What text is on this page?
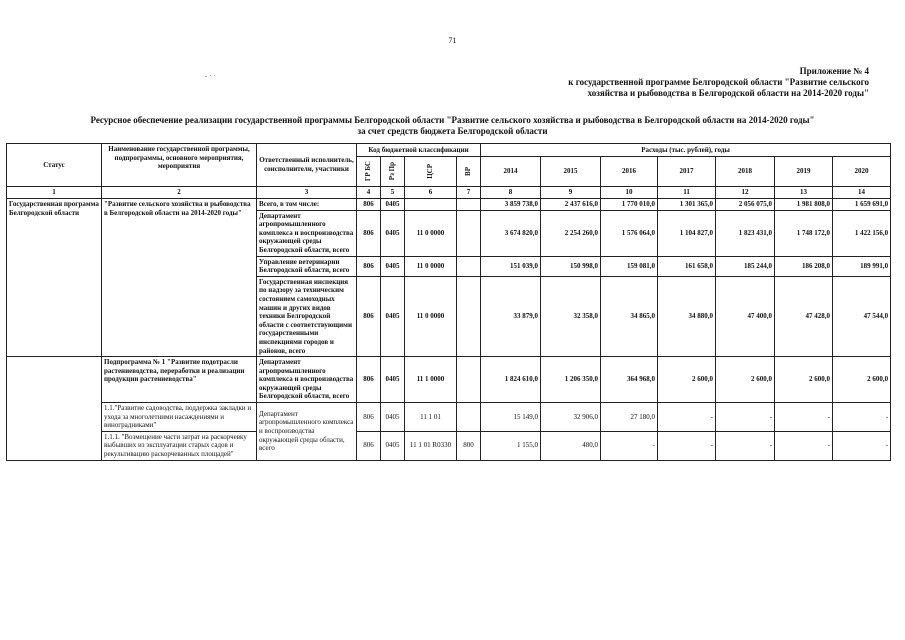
71
- · ·	Приложение № 4
к государственной программе Белгородской области "Развитие сельского
хозяйства и рыбоводства в Белгородской области на 2014-2020 годы"
Ресурсное обеспечение реализации государственной программы Белгородской области "Развитие сельского хозяйства и рыбоводства в Белгородской области на 2014-2020 годы"
за счет средств бюджета Белгородской области
Статус	Наименование государственной программы, подпрограммы, основного мероприятия, мероприятия	Ответственный исполнитель, соисполнители, участники	Код бюджетной классификации				Расходы (тыс. рублей), годы						

			ГР БС	Рз Пр	ЦСР	ВР	2014	2015	2016	2017	2018	2019	2020
1	2	3	4	5	6	7	8	9	10	11	12	13	14
Государственная программа Белгородской области	"Развитие сельского хозяйства и рыбоводства в Белгородской области на 2014-2020 годы"	Всего, в том числе:	806	0405			3 859 738,0	2 437 616,0	1 770 010,0	1 301 365,0	2 056 075,0	1 981 808,0	1 659 691,0
		Департамент агропромышленного комплекса и воспроизводства окружающей среды Белгородской области, всего	806	0405	11 0 0000		3 674 820,0	2 254 260,0	1 576 064,0	1 104 827,0	1 823 431,0	1 748 172,0	1 422 156,0
		Управление ветеринарии Белгородской области, всего	806	0405	11 0 0000		151 039,0	150 998,0	159 081,0	161 658,0	185 244,0	186 208,0	189 991,0
		Государственная инспекция по надзору за техническим состоянием самоходных машин и других видов техники Белгородской области с соответствующими государственными инспекциями городов и районов, всего	806	0405	11 0 0000		33 879,0	32 358,0	34 865,0	34 880,0	47 400,0	47 428,0	47 544,0
	Подпрограмма № 1 "Развитие подотрасли растениеводства, переработки и реализации продукции растениеводства"	Департамент агропромышленного комплекса и воспроизводства окружающей среды Белгородской области, всего	806	0405	11 1 0000		1 824 610,0	1 206 350,0	364 968,0	2 600,0	2 600,0	2 600,0	2 600,0
	1.1."Развитие садоводства, поддержка закладки и ухода за многолетними насаждениями и виноградниками"	Департамент агропромышленного комплекса и воспроизводства окружающей среды области, всего	806	0405	11 1 01		15 149,0	32 906,0	27 180,0	-	-	-	-
	1.1.1. "Возмещение части затрат на раскорчевку выбывших из эксплуатации старых садов и рекультивацию раскорчеванных площадей"		806	0405	11 1 01 R0330	800	1 155,0	480,0	-	-	-	-	-
